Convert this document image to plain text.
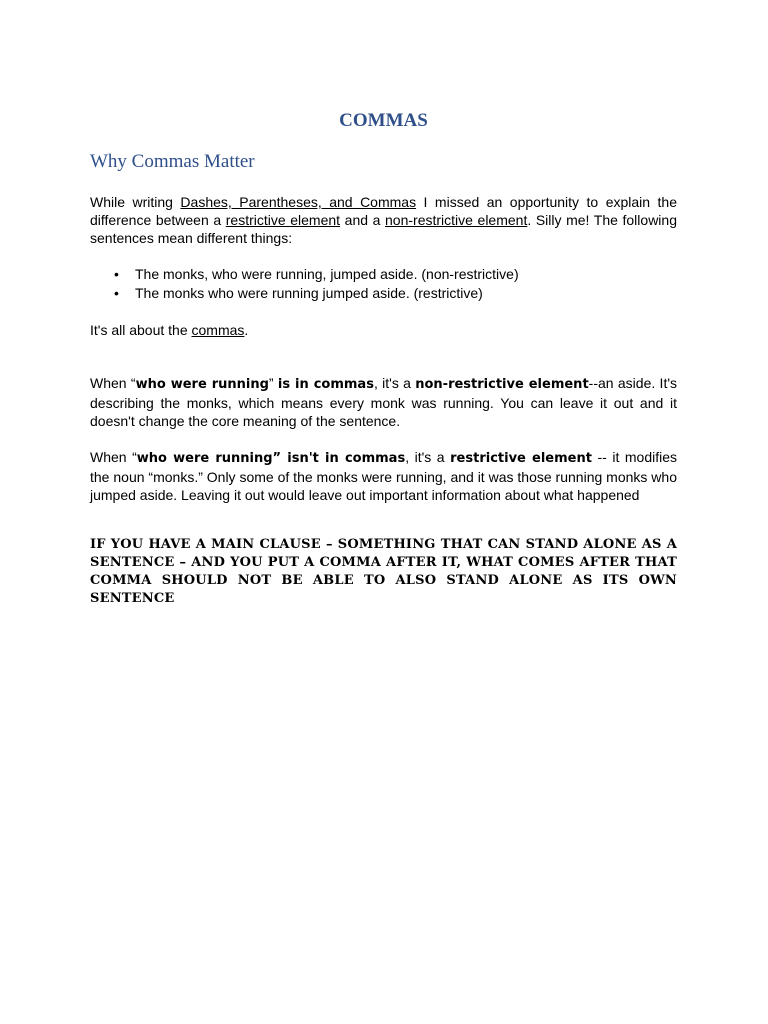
COMMAS
Why Commas Matter

While writing Dashes, Parentheses, and Commas I missed an opportunity to explain the difference between a restrictive element and a non-restrictive element. Silly me! The following sentences mean different things:

• The monks, who were running, jumped aside. (non-restrictive)
• The monks who were running jumped aside. (restrictive)

It's all about the commas.

When “who were running” is in commas, it's a non-restrictive element--an aside. It's describing the monks, which means every monk was running. You can leave it out and it doesn't change the core meaning of the sentence.

When “who were running” isn't in commas, it's a restrictive element -- it modifies the noun “monks.” Only some of the monks were running, and it was those running monks who jumped aside. Leaving it out would leave out important information about what happened

IF YOU HAVE A MAIN CLAUSE – SOMETHING THAT CAN STAND ALONE AS A SENTENCE – AND YOU PUT A COMMA AFTER IT, WHAT COMES AFTER THAT COMMA SHOULD NOT BE ABLE TO ALSO STAND ALONE AS ITS OWN SENTENCE
